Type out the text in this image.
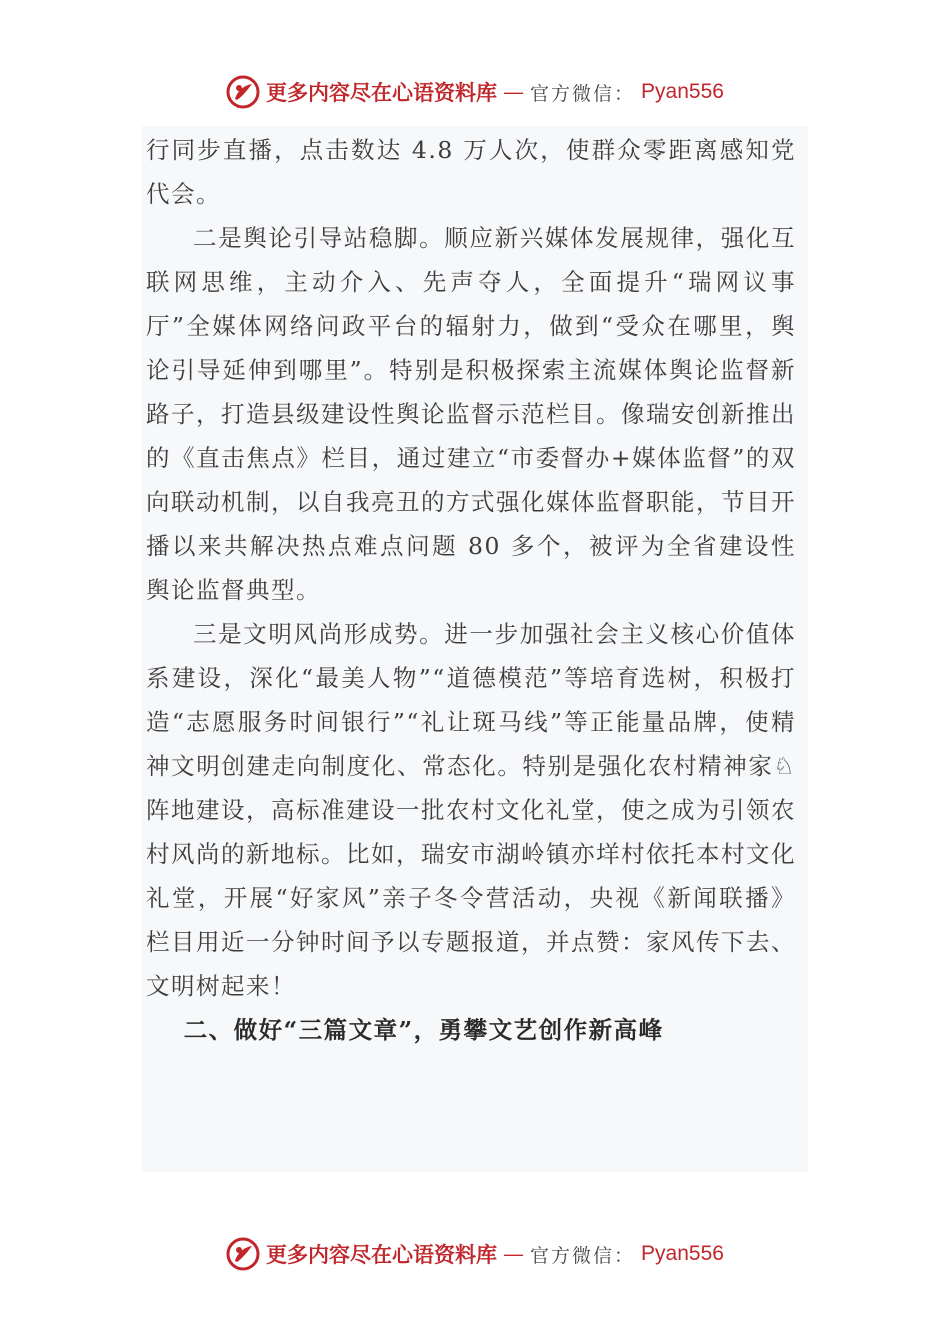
更多内容尽在心语资料库 — 官方微信： Pyan556

行同步直播，点击数达 4.8 万人次，使群众零距离感知党代会。

二是舆论引导站稳脚。顺应新兴媒体发展规律，强化互联网思维，主动介入、先声夺人，全面提升“瑞网议事厅”全媒体网络问政平台的辐射力，做到“受众在哪里，舆论引导延伸到哪里”。特别是积极探索主流媒体舆论监督新路子，打造县级建设性舆论监督示范栏目。像瑞安创新推出的《直击焦点》栏目，通过建立“市委督办+媒体监督”的双向联动机制，以自我亮丑的方式强化媒体监督职能，节目开播以来共解决热点难点问题 80 多个，被评为全省建设性舆论监督典型。

三是文明风尚形成势。进一步加强社会主义核心价值体系建设，深化“最美人物”“道德模范”等培育选树，积极打造“志愿服务时间银行”“礼让斑马线”等正能量品牌，使精神文明创建走向制度化、常态化。特别是强化农村精神家♘阵地建设，高标准建设一批农村文化礼堂，使之成为引领农村风尚的新地标。比如，瑞安市湖岭镇亦垟村依托本村文化礼堂，开展“好家风”亲子冬令营活动，央视《新闻联播》栏目用近一分钟时间予以专题报道，并点赞：家风传下去、文明树起来！

二、做好“三篇文章”，勇攀文艺创作新高峰

更多内容尽在心语资料库 — 官方微信： Pyan556
